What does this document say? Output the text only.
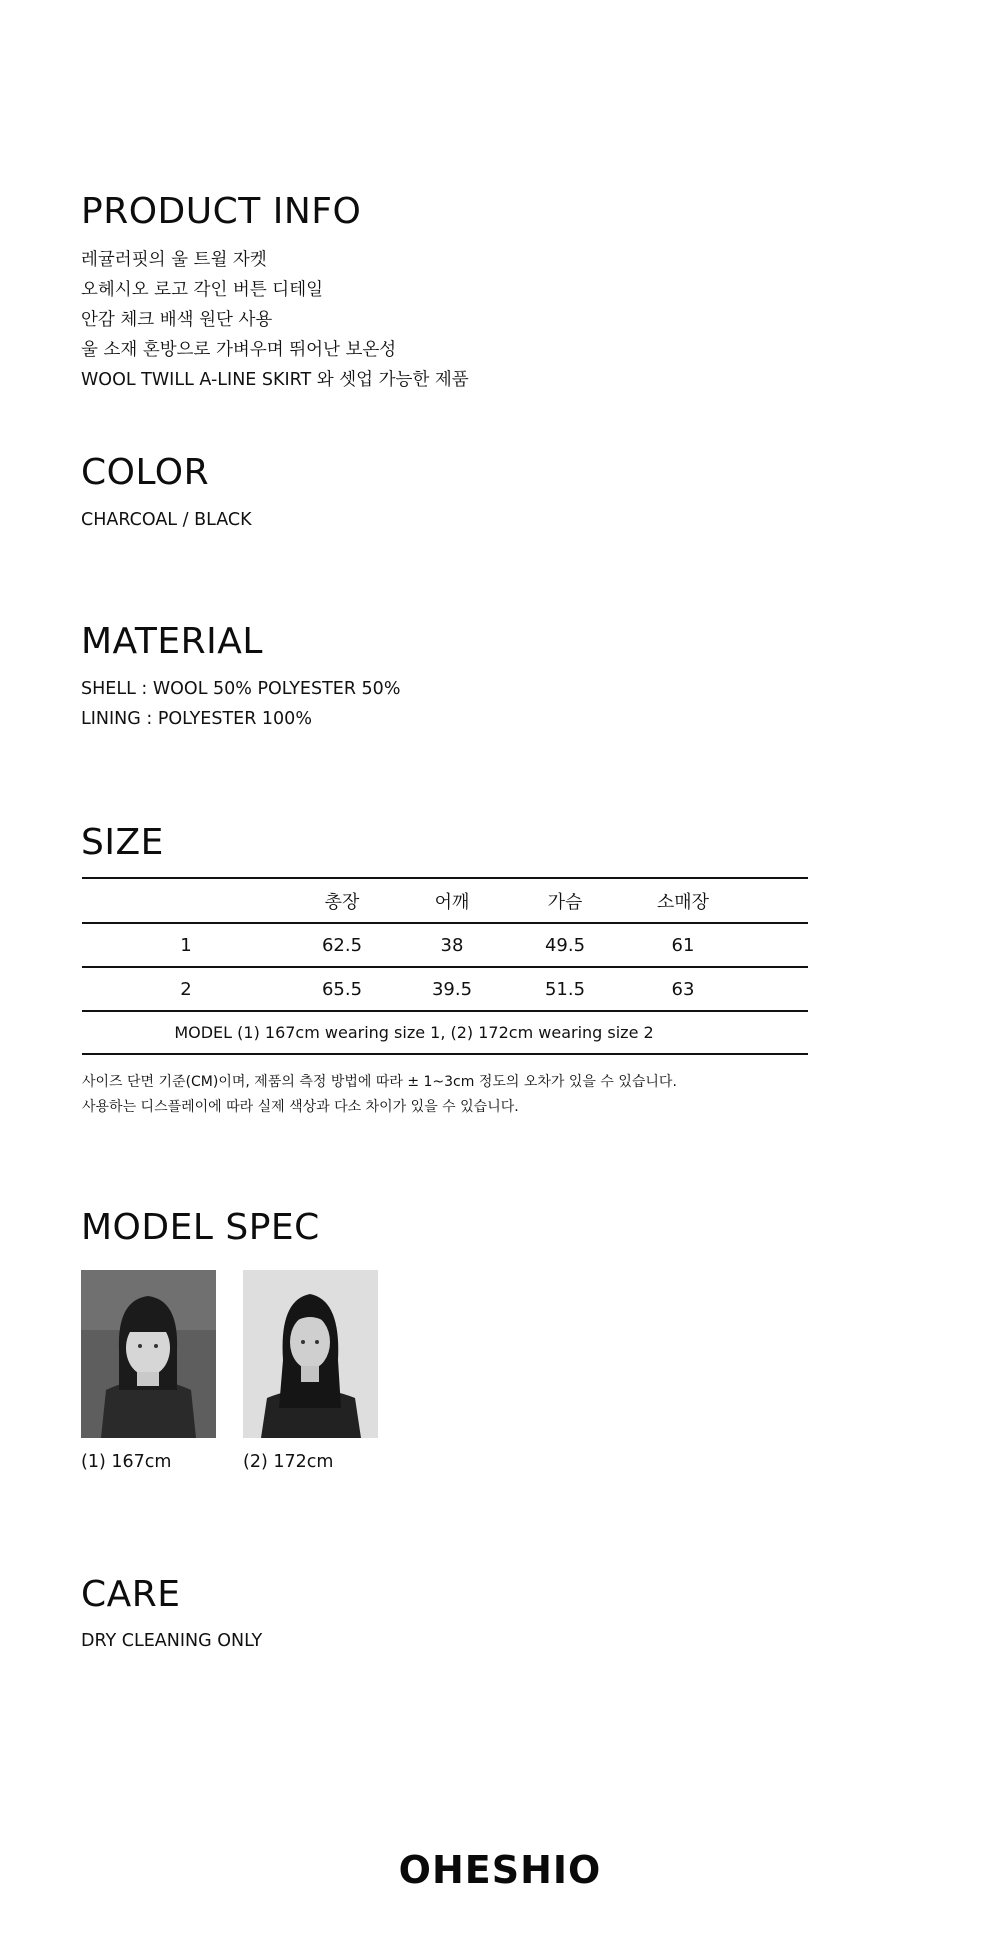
PRODUCT INFO
레귤러핏의 울 트윌 자켓
오헤시오 로고 각인 버튼 디테일
안감 체크 배색 원단 사용
울 소재 혼방으로 가벼우며 뛰어난 보온성
WOOL TWILL A-LINE SKIRT 와 셋업 가능한 제품
COLOR
CHARCOAL / BLACK
MATERIAL
SHELL : WOOL 50% POLYESTER 50%
LINING : POLYESTER 100%
SIZE
	총장	어깨	가슴	소매장	
1	62.5	38	49.5	61	
2	65.5	39.5	51.5	63	
MODEL (1) 167cm wearing size 1, (2) 172cm wearing size 2					
사이즈 단면 기준(CM)이며, 제품의 측정 방법에 따라 ± 1~3cm 정도의 오차가 있을 수 있습니다.
사용하는 디스플레이에 따라 실제 색상과 다소 차이가 있을 수 있습니다.
MODEL SPEC
(1) 167cm	(2) 172cm
CARE
DRY CLEANING ONLY
OHESHIO
